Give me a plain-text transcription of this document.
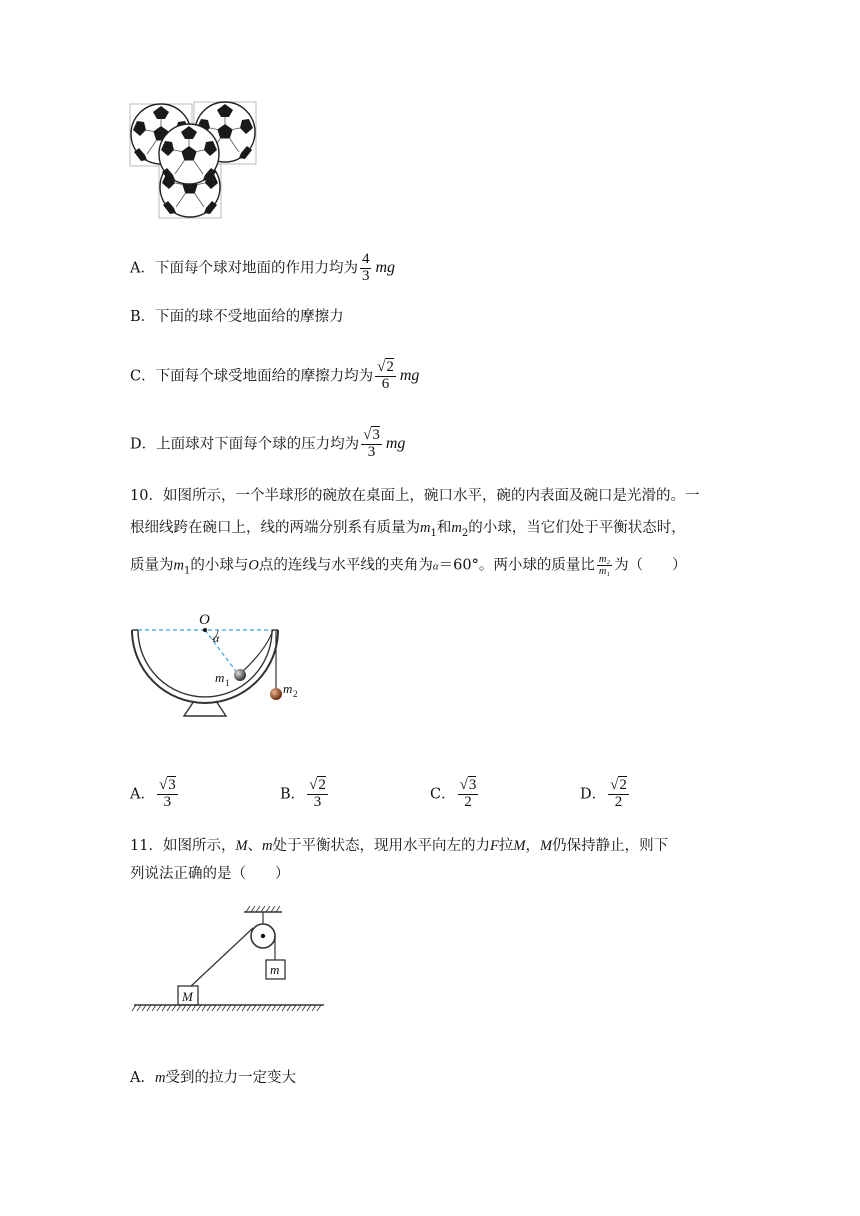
A．下面每个球对地面的作用力均为 $\frac{4}{3}$ mg
B．下面的球不受地面给的摩擦力
C．下面每个球受地面给的摩擦力均为 $\frac{√2}{6}$ mg
D．上面球对下面每个球的压力均为 $\frac{√3}{3}$ mg
10．如图所示，一个半球形的碗放在桌面上，碗口水平，碗的内表面及碗口是光滑的。一
根细线跨在碗口上，线的两端分别系有质量为$m_1$和$m_2$的小球，当它们处于平衡状态时，
质量为$m_1$的小球与O点的连线与水平线的夹角为α＝60°。两小球的质量比 $\frac{\text{m₂}}{\text{m₁}}$ 为（　　）
O
α
m 1	m 2
A． $\frac{√3}{3}$	B． $\frac{√2}{3}$	C． $\frac{√3}{2}$	D． $\frac{√2}{2}$
11．如图所示，M、m处于平衡状态，现用水平向左的力F拉M，M仍保持静止，则下
列说法正确的是（　　）
m
M
A．m受到的拉力一定变大
